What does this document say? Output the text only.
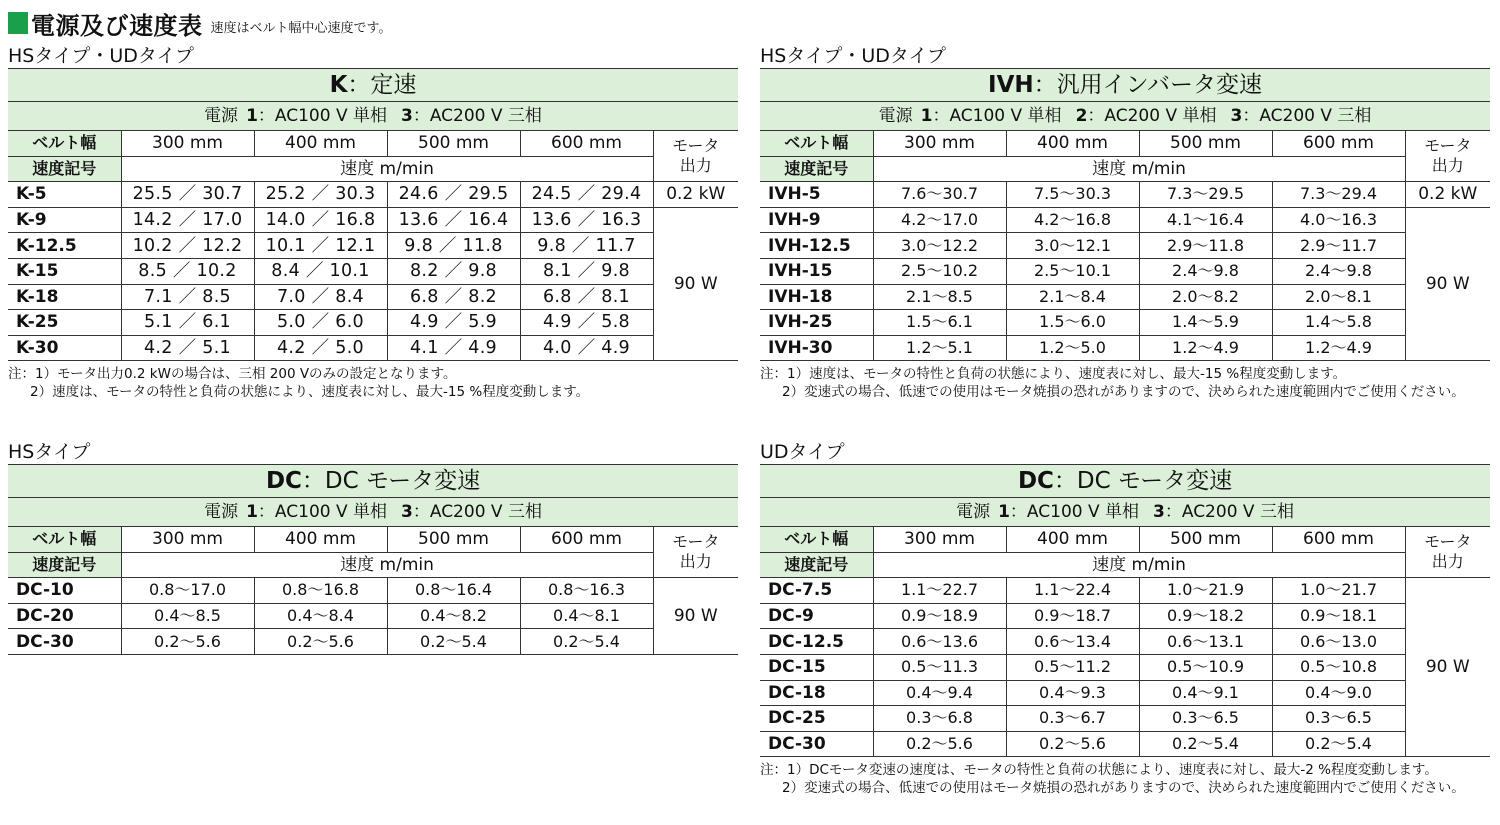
電源及び速度表 速度はベルト幅中心速度です。
HSタイプ・UDタイプ
K：定速					
電源 1：AC100 V 単相 3：AC200 V 三相					
ベルト幅	300 mm	400 mm	500 mm	600 mm	モータ
出力

速度記号	速度 m/min				
K-5	25.5 ／ 30.7	25.2 ／ 30.3	24.6 ／ 29.5	24.5 ／ 29.4	0.2 kW
K-9	14.2 ／ 17.0	14.0 ／ 16.8	13.6 ／ 16.4	13.6 ／ 16.3	90 W
K-12.5	10.2 ／ 12.2	10.1 ／ 12.1	9.8 ／ 11.8	9.8 ／ 11.7	
K-15	8.5 ／ 10.2	8.4 ／ 10.1	8.2 ／ 9.8	8.1 ／ 9.8	
K-18	7.1 ／ 8.5	7.0 ／ 8.4	6.8 ／ 8.2	6.8 ／ 8.1	
K-25	5.1 ／ 6.1	5.0 ／ 6.0	4.9 ／ 5.9	4.9 ／ 5.8	
K-30	4.2 ／ 5.1	4.2 ／ 5.0	4.1 ／ 4.9	4.0 ／ 4.9	
注：1）モータ出力0.2 kWの場合は、三相 200 Vのみの設定となります。
2）速度は、モータの特性と負荷の状態により、速度表に対し、最大-15 %程度変動します。
HSタイプ・UDタイプ
IVH：汎用インバータ変速					
電源 1：AC100 V 単相 2：AC200 V 単相 3：AC200 V 三相					
ベルト幅	300 mm	400 mm	500 mm	600 mm	モータ
出力

速度記号	速度 m/min				
IVH-5	7.6～30.7	7.5～30.3	7.3～29.5	7.3～29.4	0.2 kW
IVH-9	4.2～17.0	4.2～16.8	4.1～16.4	4.0～16.3	90 W
IVH-12.5	3.0～12.2	3.0～12.1	2.9～11.8	2.9～11.7	
IVH-15	2.5～10.2	2.5～10.1	2.4～9.8	2.4～9.8	
IVH-18	2.1～8.5	2.1～8.4	2.0～8.2	2.0～8.1	
IVH-25	1.5～6.1	1.5～6.0	1.4～5.9	1.4～5.8	
IVH-30	1.2～5.1	1.2～5.0	1.2～4.9	1.2～4.9	
注：1）速度は、モータの特性と負荷の状態により、速度表に対し、最大-15 %程度変動します。
2）変速式の場合、低速での使用はモータ焼損の恐れがありますので、決められた速度範囲内でご使用ください。
HSタイプ
DC：DC モータ変速					
電源 1：AC100 V 単相 3：AC200 V 三相					
ベルト幅	300 mm	400 mm	500 mm	600 mm	モータ
出力

速度記号	速度 m/min				
DC-10	0.8～17.0	0.8～16.8	0.8～16.4	0.8～16.3	90 W
DC-20	0.4～8.5	0.4～8.4	0.4～8.2	0.4～8.1	
DC-30	0.2～5.6	0.2～5.6	0.2～5.4	0.2～5.4	
UDタイプ
DC：DC モータ変速					
電源 1：AC100 V 単相 3：AC200 V 三相					
ベルト幅	300 mm	400 mm	500 mm	600 mm	モータ
出力

速度記号	速度 m/min				
DC-7.5	1.1～22.7	1.1～22.4	1.0～21.9	1.0～21.7	90 W
DC-9	0.9～18.9	0.9～18.7	0.9～18.2	0.9～18.1	
DC-12.5	0.6～13.6	0.6～13.4	0.6～13.1	0.6～13.0	
DC-15	0.5～11.3	0.5～11.2	0.5～10.9	0.5～10.8	
DC-18	0.4～9.4	0.4～9.3	0.4～9.1	0.4～9.0	
DC-25	0.3～6.8	0.3～6.7	0.3～6.5	0.3～6.5	
DC-30	0.2～5.6	0.2～5.6	0.2～5.4	0.2～5.4	
注：1）DCモータ変速の速度は、モータの特性と負荷の状態により、速度表に対し、最大-2 %程度変動します。
2）変速式の場合、低速での使用はモータ焼損の恐れがありますので、決められた速度範囲内でご使用ください。
